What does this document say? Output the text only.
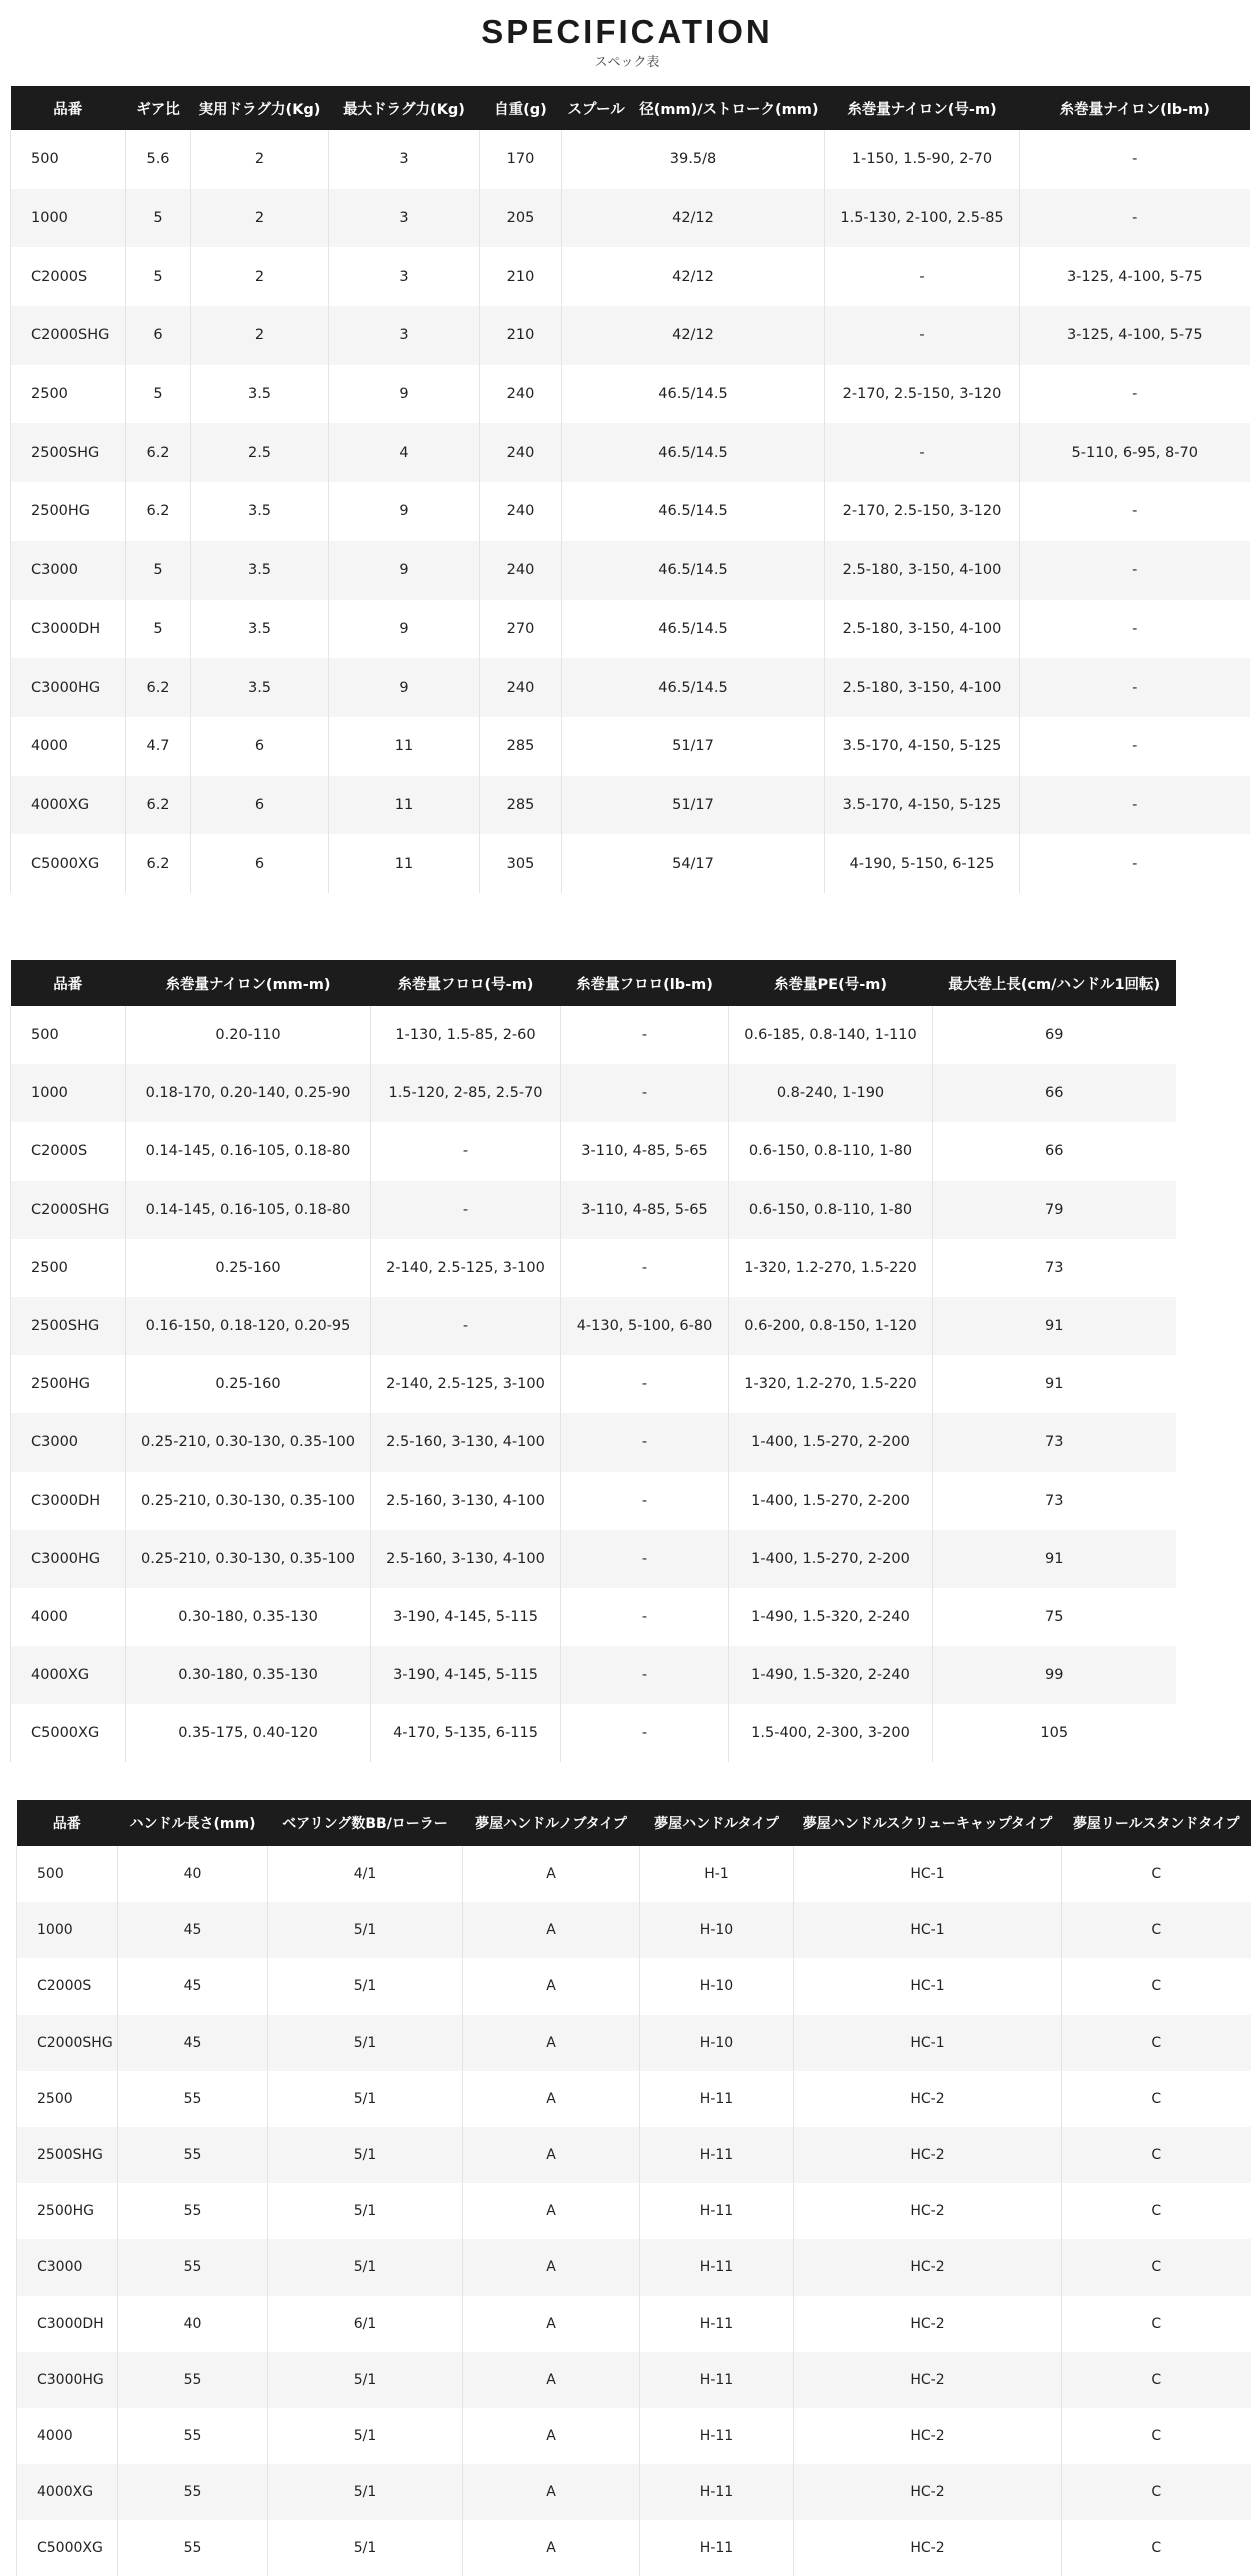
SPECIFICATION
スペック表
品番	ギア比	実用ドラグ力(Kg)	最大ドラグ力(Kg)	自重(g)	スプール　径(mm)/ストローク(mm)	糸巻量ナイロン(号-m)	糸巻量ナイロン(lb-m)
500	5.6	2	3	170	39.5/8	1-150, 1.5-90, 2-70	-
1000	5	2	3	205	42/12	1.5-130, 2-100, 2.5-85	-
C2000S	5	2	3	210	42/12	-	3-125, 4-100, 5-75
C2000SHG	6	2	3	210	42/12	-	3-125, 4-100, 5-75
2500	5	3.5	9	240	46.5/14.5	2-170, 2.5-150, 3-120	-
2500SHG	6.2	2.5	4	240	46.5/14.5	-	5-110, 6-95, 8-70
2500HG	6.2	3.5	9	240	46.5/14.5	2-170, 2.5-150, 3-120	-
C3000	5	3.5	9	240	46.5/14.5	2.5-180, 3-150, 4-100	-
C3000DH	5	3.5	9	270	46.5/14.5	2.5-180, 3-150, 4-100	-
C3000HG	6.2	3.5	9	240	46.5/14.5	2.5-180, 3-150, 4-100	-
4000	4.7	6	11	285	51/17	3.5-170, 4-150, 5-125	-
4000XG	6.2	6	11	285	51/17	3.5-170, 4-150, 5-125	-
C5000XG	6.2	6	11	305	54/17	4-190, 5-150, 6-125	-
品番	糸巻量ナイロン(mm-m)	糸巻量フロロ(号-m)	糸巻量フロロ(lb-m)	糸巻量PE(号-m)	最大巻上長(cm/ハンドル1回転)
500	0.20-110	1-130, 1.5-85, 2-60	-	0.6-185, 0.8-140, 1-110	69
1000	0.18-170, 0.20-140, 0.25-90	1.5-120, 2-85, 2.5-70	-	0.8-240, 1-190	66
C2000S	0.14-145, 0.16-105, 0.18-80	-	3-110, 4-85, 5-65	0.6-150, 0.8-110, 1-80	66
C2000SHG	0.14-145, 0.16-105, 0.18-80	-	3-110, 4-85, 5-65	0.6-150, 0.8-110, 1-80	79
2500	0.25-160	2-140, 2.5-125, 3-100	-	1-320, 1.2-270, 1.5-220	73
2500SHG	0.16-150, 0.18-120, 0.20-95	-	4-130, 5-100, 6-80	0.6-200, 0.8-150, 1-120	91
2500HG	0.25-160	2-140, 2.5-125, 3-100	-	1-320, 1.2-270, 1.5-220	91
C3000	0.25-210, 0.30-130, 0.35-100	2.5-160, 3-130, 4-100	-	1-400, 1.5-270, 2-200	73
C3000DH	0.25-210, 0.30-130, 0.35-100	2.5-160, 3-130, 4-100	-	1-400, 1.5-270, 2-200	73
C3000HG	0.25-210, 0.30-130, 0.35-100	2.5-160, 3-130, 4-100	-	1-400, 1.5-270, 2-200	91
4000	0.30-180, 0.35-130	3-190, 4-145, 5-115	-	1-490, 1.5-320, 2-240	75
4000XG	0.30-180, 0.35-130	3-190, 4-145, 5-115	-	1-490, 1.5-320, 2-240	99
C5000XG	0.35-175, 0.40-120	4-170, 5-135, 6-115	-	1.5-400, 2-300, 3-200	105
品番	ハンドル長さ(mm)	ベアリング数BB/ローラー	夢屋ハンドルノブタイプ	夢屋ハンドルタイプ	夢屋ハンドルスクリューキャップタイプ	夢屋リールスタンドタイプ
500	40	4/1	A	H-1	HC-1	C
1000	45	5/1	A	H-10	HC-1	C
C2000S	45	5/1	A	H-10	HC-1	C
C2000SHG	45	5/1	A	H-10	HC-1	C
2500	55	5/1	A	H-11	HC-2	C
2500SHG	55	5/1	A	H-11	HC-2	C
2500HG	55	5/1	A	H-11	HC-2	C
C3000	55	5/1	A	H-11	HC-2	C
C3000DH	40	6/1	A	H-11	HC-2	C
C3000HG	55	5/1	A	H-11	HC-2	C
4000	55	5/1	A	H-11	HC-2	C
4000XG	55	5/1	A	H-11	HC-2	C
C5000XG	55	5/1	A	H-11	HC-2	C
